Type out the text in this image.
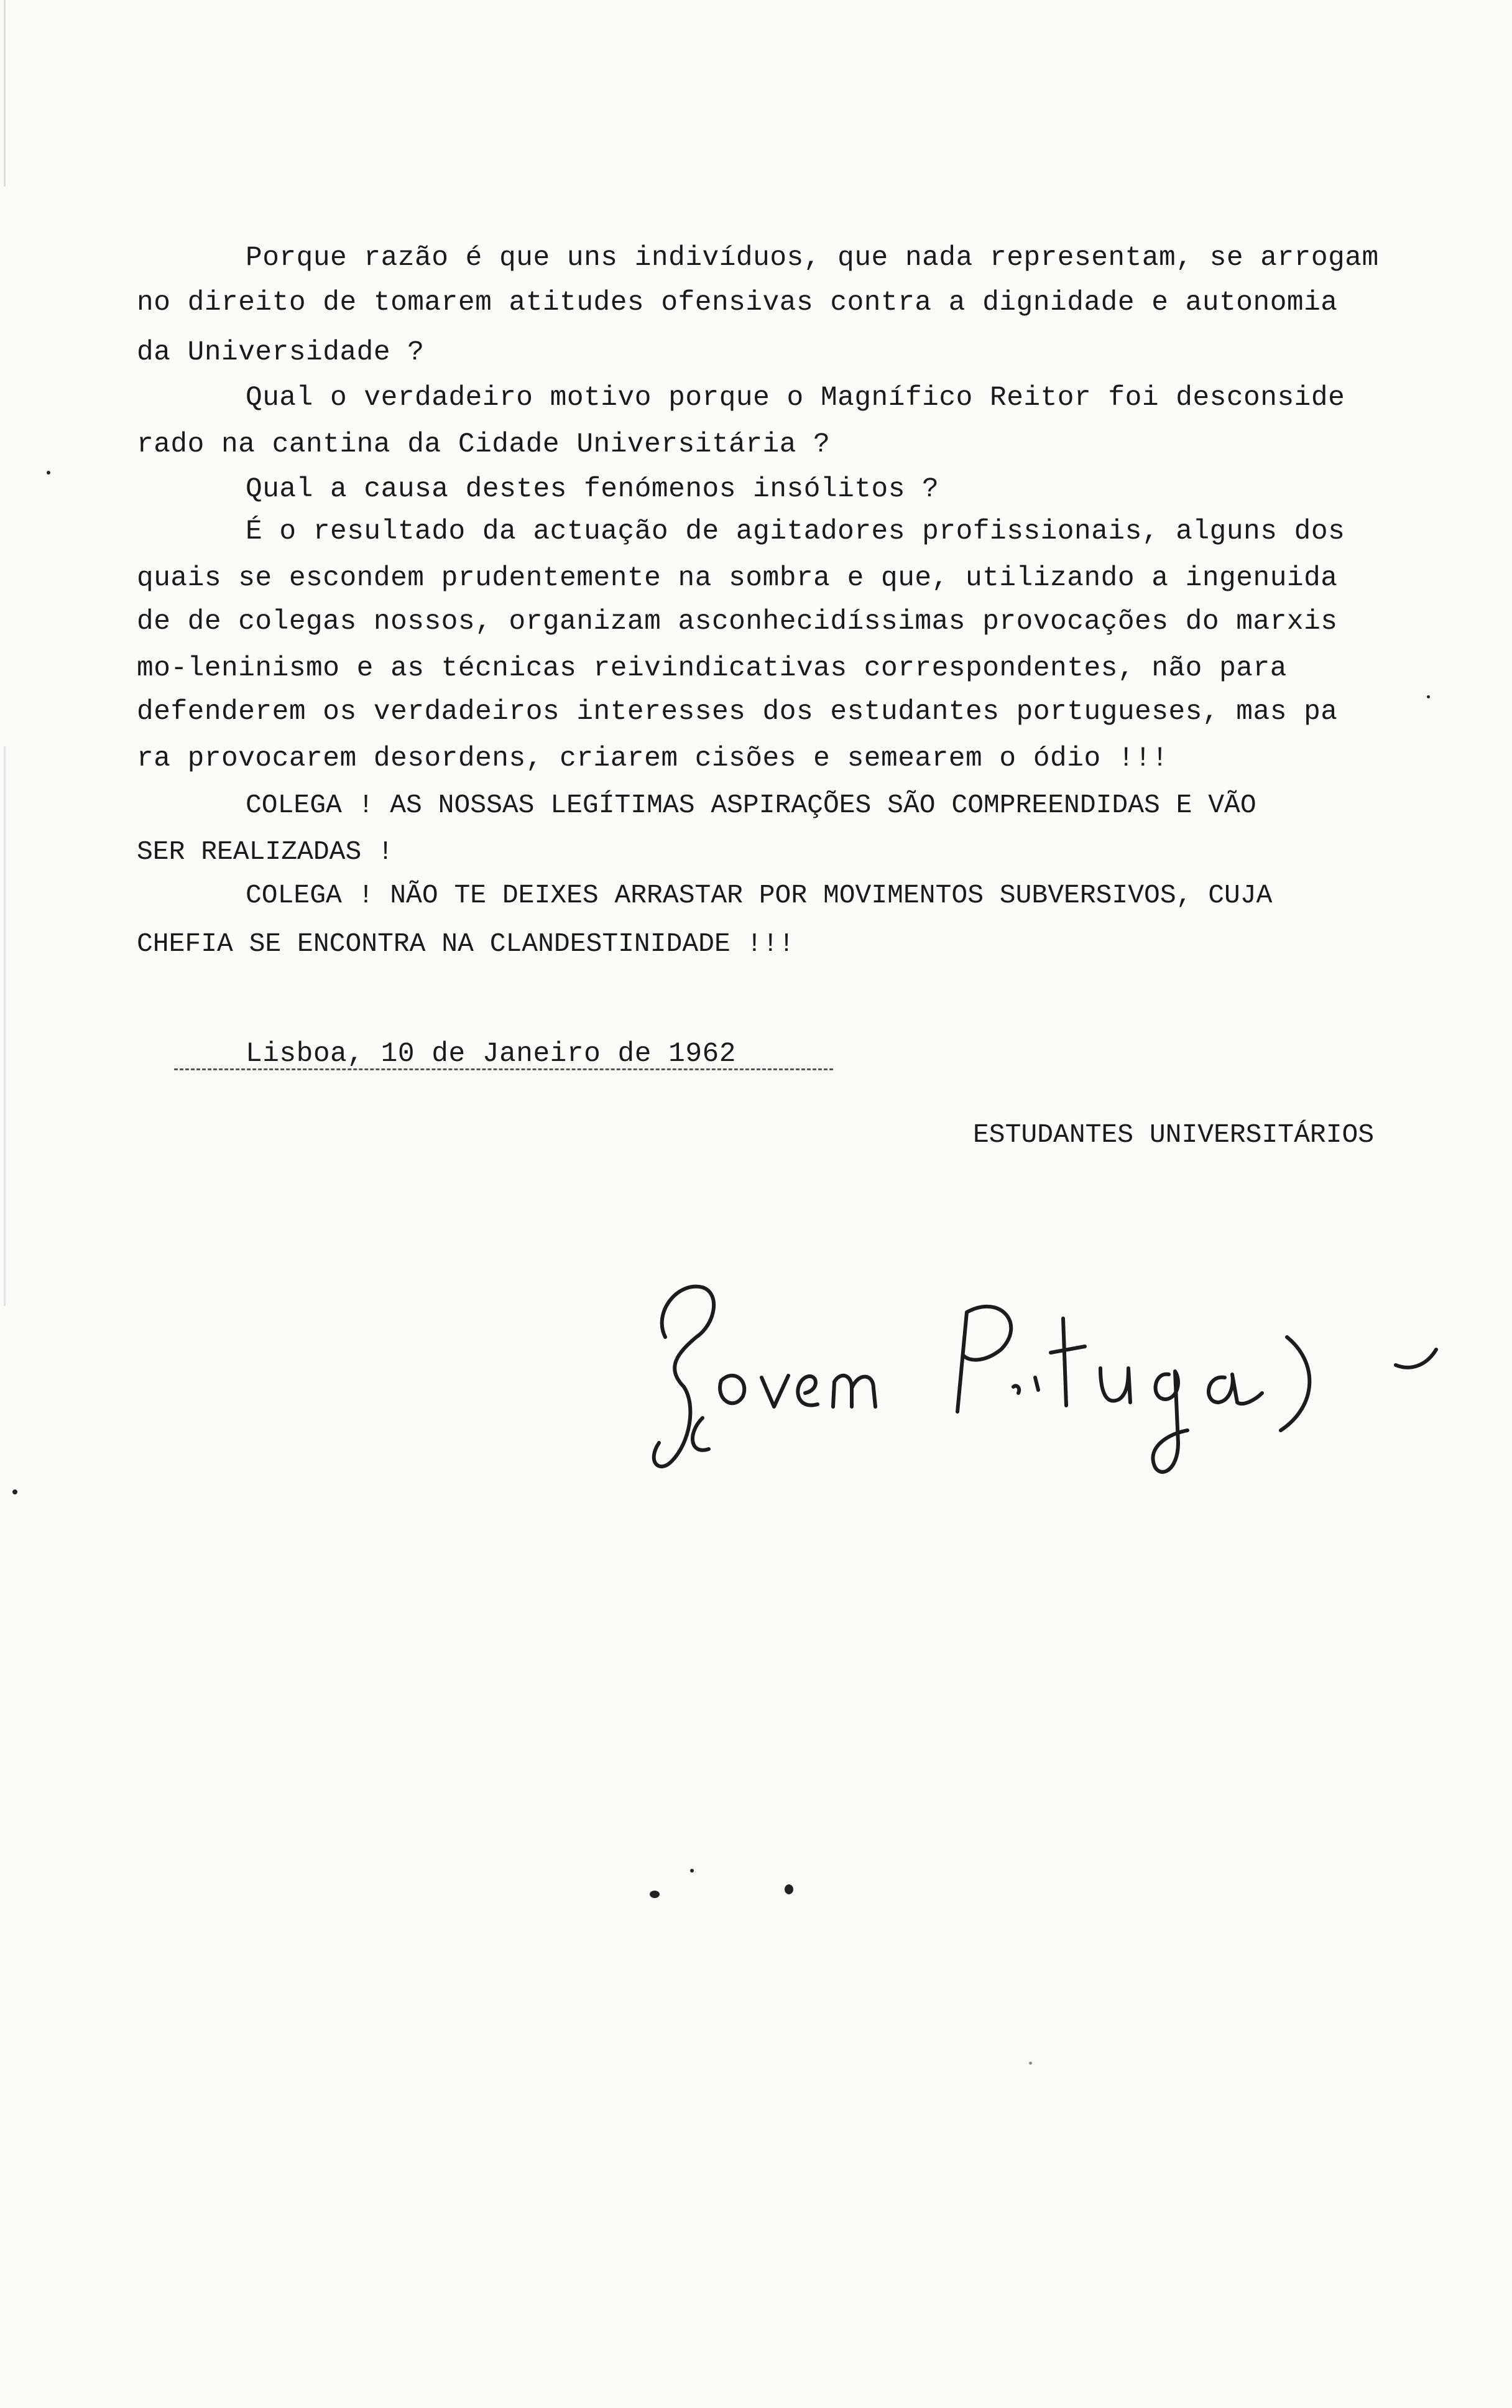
Porque razão é que uns indivíduos, que nada representam, se arrogam
no direito de tomarem atitudes ofensivas contra a dignidade e autonomia
da Universidade ?
Qual o verdadeiro motivo porque o Magnífico Reitor foi desconside
rado na cantina da Cidade Universitária ?
Qual a causa destes fenómenos insólitos ?
É o resultado da actuação de agitadores profissionais, alguns dos
quais se escondem prudentemente na sombra e que, utilizando a ingenuida
de de colegas nossos, organizam asconhecidíssimas provocações do marxis
mo-leninismo e as técnicas reivindicativas correspondentes, não para
defenderem os verdadeiros interesses dos estudantes portugueses, mas pa
ra provocarem desordens, criarem cisões e semearem o ódio !!!
COLEGA ! AS NOSSAS LEGÍTIMAS ASPIRAÇÕES SÃO COMPREENDIDAS E VÃO
SER REALIZADAS !
COLEGA ! NÃO TE DEIXES ARRASTAR POR MOVIMENTOS SUBVERSIVOS, CUJA
CHEFIA SE ENCONTRA NA CLANDESTINIDADE !!!
Lisboa, 10 de Janeiro de 1962
ESTUDANTES UNIVERSITÁRIOS
